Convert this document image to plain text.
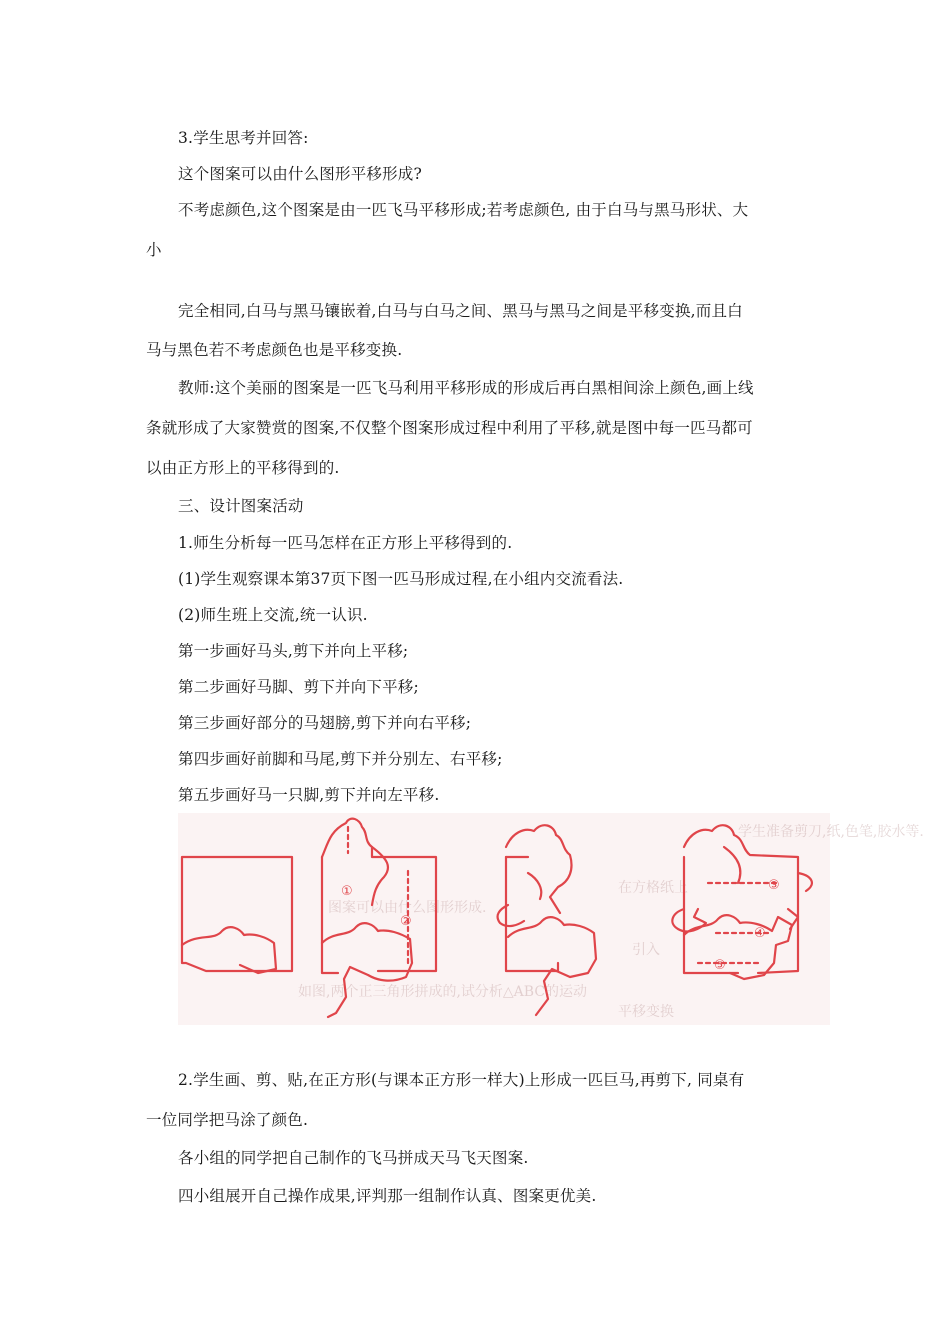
3.学生思考并回答:
这个图案可以由什么图形平移形成?
不考虑颜色,这个图案是由一匹飞马平移形成;若考虑颜色, 由于白马与黑马形状、大
小
完全相同,白马与黑马镶嵌着,白马与白马之间、黑马与黑马之间是平移变换,而且白
马与黑色若不考虑颜色也是平移变换.
教师:这个美丽的图案是一匹飞马利用平移形成的形成后再白黑相间涂上颜色,画上线
条就形成了大家赞赏的图案,不仅整个图案形成过程中利用了平移,就是图中每一匹马都可
以由正方形上的平移得到的.
三、设计图案活动
1.师生分析每一匹马怎样在正方形上平移得到的.
(1)学生观察课本第37页下图一匹马形成过程,在小组内交流看法.
(2)师生班上交流,统一认识.
第一步画好马头,剪下并向上平移;
第二步画好马脚、剪下并向下平移;
第三步画好部分的马翅膀,剪下并向右平移;
第四步画好前脚和马尾,剪下并分别左、右平移;
第五步画好马一只脚,剪下并向左平移.
学生准备剪刀,纸,色笔,胶水等.
图案可以由什么图形形成.
在方格纸上
如图,两个正三角形拼成的,试分析△ABC的运动
平移变换
引入
①
②
③
④
⑤
2.学生画、剪、贴,在正方形(与课本正方形一样大)上形成一匹巨马,再剪下, 同桌有
一位同学把马涂了颜色.
各小组的同学把自己制作的飞马拼成天马飞天图案.
四小组展开自己操作成果,评判那一组制作认真、图案更优美.
